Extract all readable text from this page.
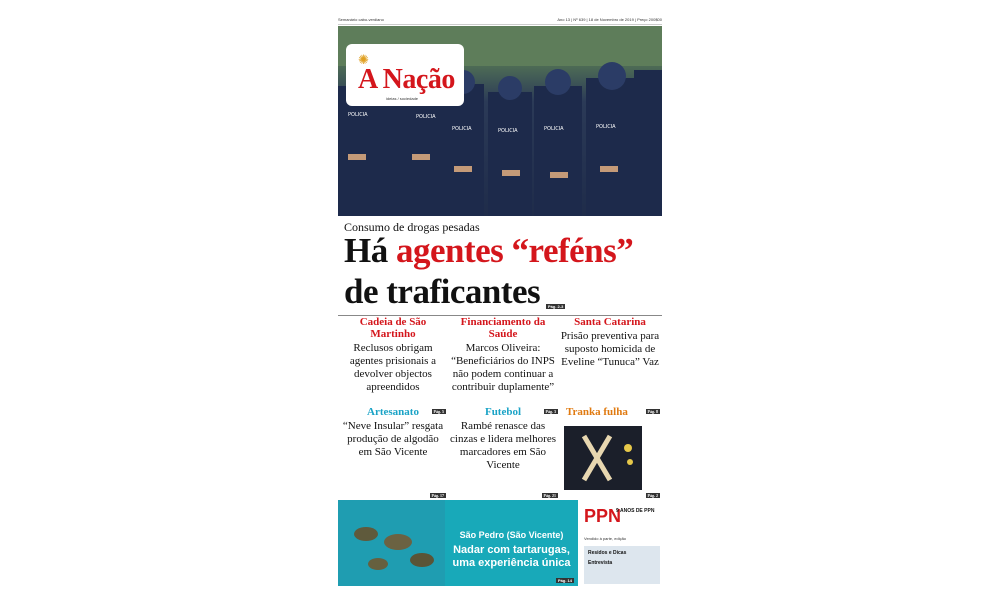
Semanário cabo-verdiano	Ano 13 | Nº 639 | 18 de Novembro de 2019 | Preço 200$00
POLICIA	POLICIA
POLICIA	POLICIA	POLICIA	POLICIA
✺
A Nação
ideias / sociedade
Consumo de drogas pesadas
Há agentes “reféns”
de traficantes	Pág. 2-3
Cadeia de São Martinho
Reclusos obrigam agentes prisionais a devolver objectos apreendidos
Pág. 5
Financiamento da Saúde
Marcos Oliveira: “Beneficiários do INPS não podem continuar a contribuir duplamente”
Pág. 3
Santa Catarina
Prisão preventiva para suposto homicida de Eveline “Tunuca” Vaz
Pág. 8
Artesanato
“Neve Insular” resgata produção de algodão em São Vicente
Pág. 17
Futebol
Rambé renasce das cinzas e lidera melhores marcadores em São Vicente
Pág. 21
Tranka fulha
Pág. 2
São Pedro (São Vicente)
Nadar com tartarugas, uma experiência única
Pág. 14
PPN
9 ANOS DE PPN
Vendido à parte, edição
Residos e Dicas
Entrevista
